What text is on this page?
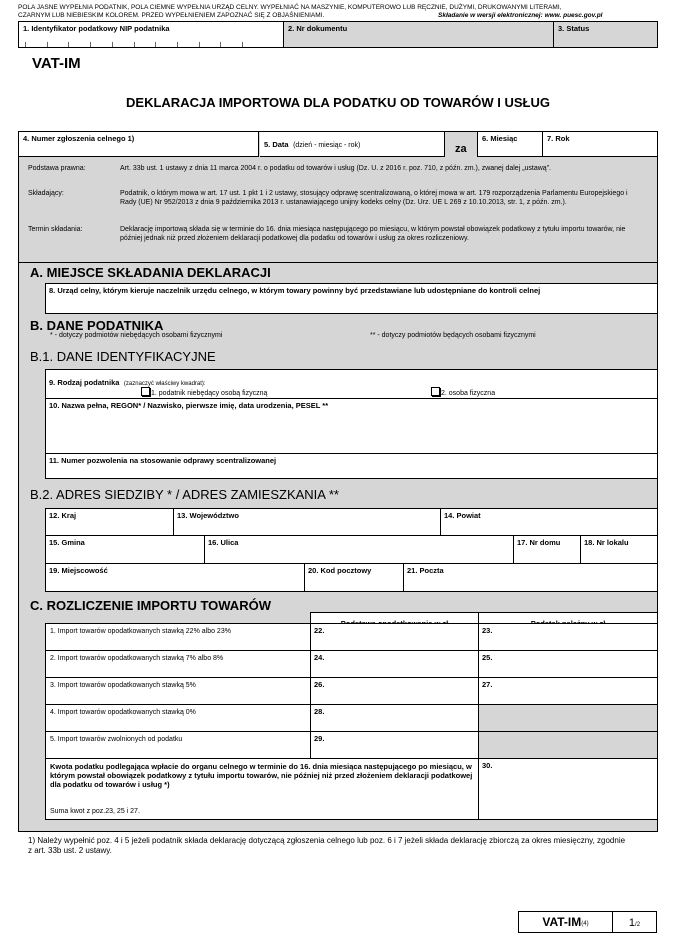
POLA JASNE WYPEŁNIA PODATNIK, POLA CIEMNE WYPEŁNIA URZĄD CELNY. WYPEŁNIAĆ NA MASZYNIE, KOMPUTEROWO LUB RĘCZNIE, DUŻYMI, DRUKOWANYMI LITERAMI,
CZARNYM LUB NIEBIESKIM KOLOREM. PRZED WYPEŁNIENIEM ZAPOZNAĆ SIĘ Z OBJAŚNIENIAMI.	Składanie w wersji elektronicznej: www. puesc.gov.pl
1. Identyfikator podatkowy NIP podatnika	2. Nr dokumentu	3. Status
VAT-IM
DEKLARACJA IMPORTOWA DLA PODATKU OD TOWARÓW I USŁUG
4. Numer zgłoszenia celnego 1)
5. Data (dzień - miesiąc - rok)	za
6. Miesiąc	7. Rok
Podstawa prawna:	Art. 33b ust. 1 ustawy z dnia 11 marca 2004 r. o podatku od towarów i usług (Dz. U. z 2016 r. poz. 710, z późn. zm.), zwanej dalej „ustawą”.
Składający:	Podatnik, o którym mowa w art. 17 ust. 1 pkt 1 i 2 ustawy, stosujący odprawę scentralizowaną, o której mowa w art. 179 rozporządzenia Parlamentu Europejskiego i Rady (UE) Nr 952/2013 z dnia 9 października 2013 r. ustanawiającego unijny kodeks celny (Dz. Urz. UE L 269 z 10.10.2013, str. 1, z późn. zm.).
Termin składania:	Deklarację importową składa się w terminie do 16. dnia miesiąca następującego po miesiącu, w którym powstał obowiązek podatkowy z tytułu importu towarów, nie później jednak niż przed złożeniem deklaracji podatkowej dla podatku od towarów i usług za okres rozliczeniowy.
A. MIEJSCE SKŁADANIA DEKLARACJI
8. Urząd celny, którym kieruje naczelnik urzędu celnego, w którym towary powinny być przedstawiane lub udostępniane do kontroli celnej
B. DANE PODATNIKA
* - dotyczy podmiotów niebędących osobami fizycznymi	** - dotyczy podmiotów będących osobami fizycznymi
B.1. DANE IDENTYFIKACYJNE
9. Rodzaj podatnika (zaznaczyć właściwy kwadrat):
1. podatnik niebędący osobą fizyczną	2. osoba fizyczna
10. Nazwa pełna, REGON* / Nazwisko, pierwsze imię, data urodzenia, PESEL **
11. Numer pozwolenia na stosowanie odprawy scentralizowanej
B.2. ADRES SIEDZIBY * / ADRES ZAMIESZKANIA **
12. Kraj	13. Województwo	14. Powiat
15. Gmina	16. Ulica	17. Nr domu	18. Nr lokalu
19. Miejscowość	20. Kod pocztowy	21. Poczta
C. ROZLICZENIE IMPORTU TOWARÓW
1. Import towarów opodatkowanych stawką 22% albo 23%	22.	23.
2. Import towarów opodatkowanych stawką 7% albo 8%	24.	25.
3. Import towarów opodatkowanych stawką 5%	26.	27.
4. Import towarów opodatkowanych stawką 0%	28.
5. Import towarów zwolnionych od podatku	29.
Kwota podatku podlegająca wpłacie do organu celnego w terminie do 16. dnia miesiąca następującego po miesiącu, w którym powstał obowiązek podatkowy z tytułu importu towarów, nie później niż przed złożeniem deklaracji podatkowej dla podatku od towarów i usług *)
Suma kwot z poz.23, 25 i 27.
30.
1) Należy wypełnić poz. 4 i 5 jeżeli podatnik składa deklarację dotyczącą zgłoszenia celnego lub poz. 6 i 7 jeżeli składa deklarację zbiorczą za okres miesięczny, zgodnie z art. 33b ust. 2 ustawy.
VAT-IM (4)	1/2
